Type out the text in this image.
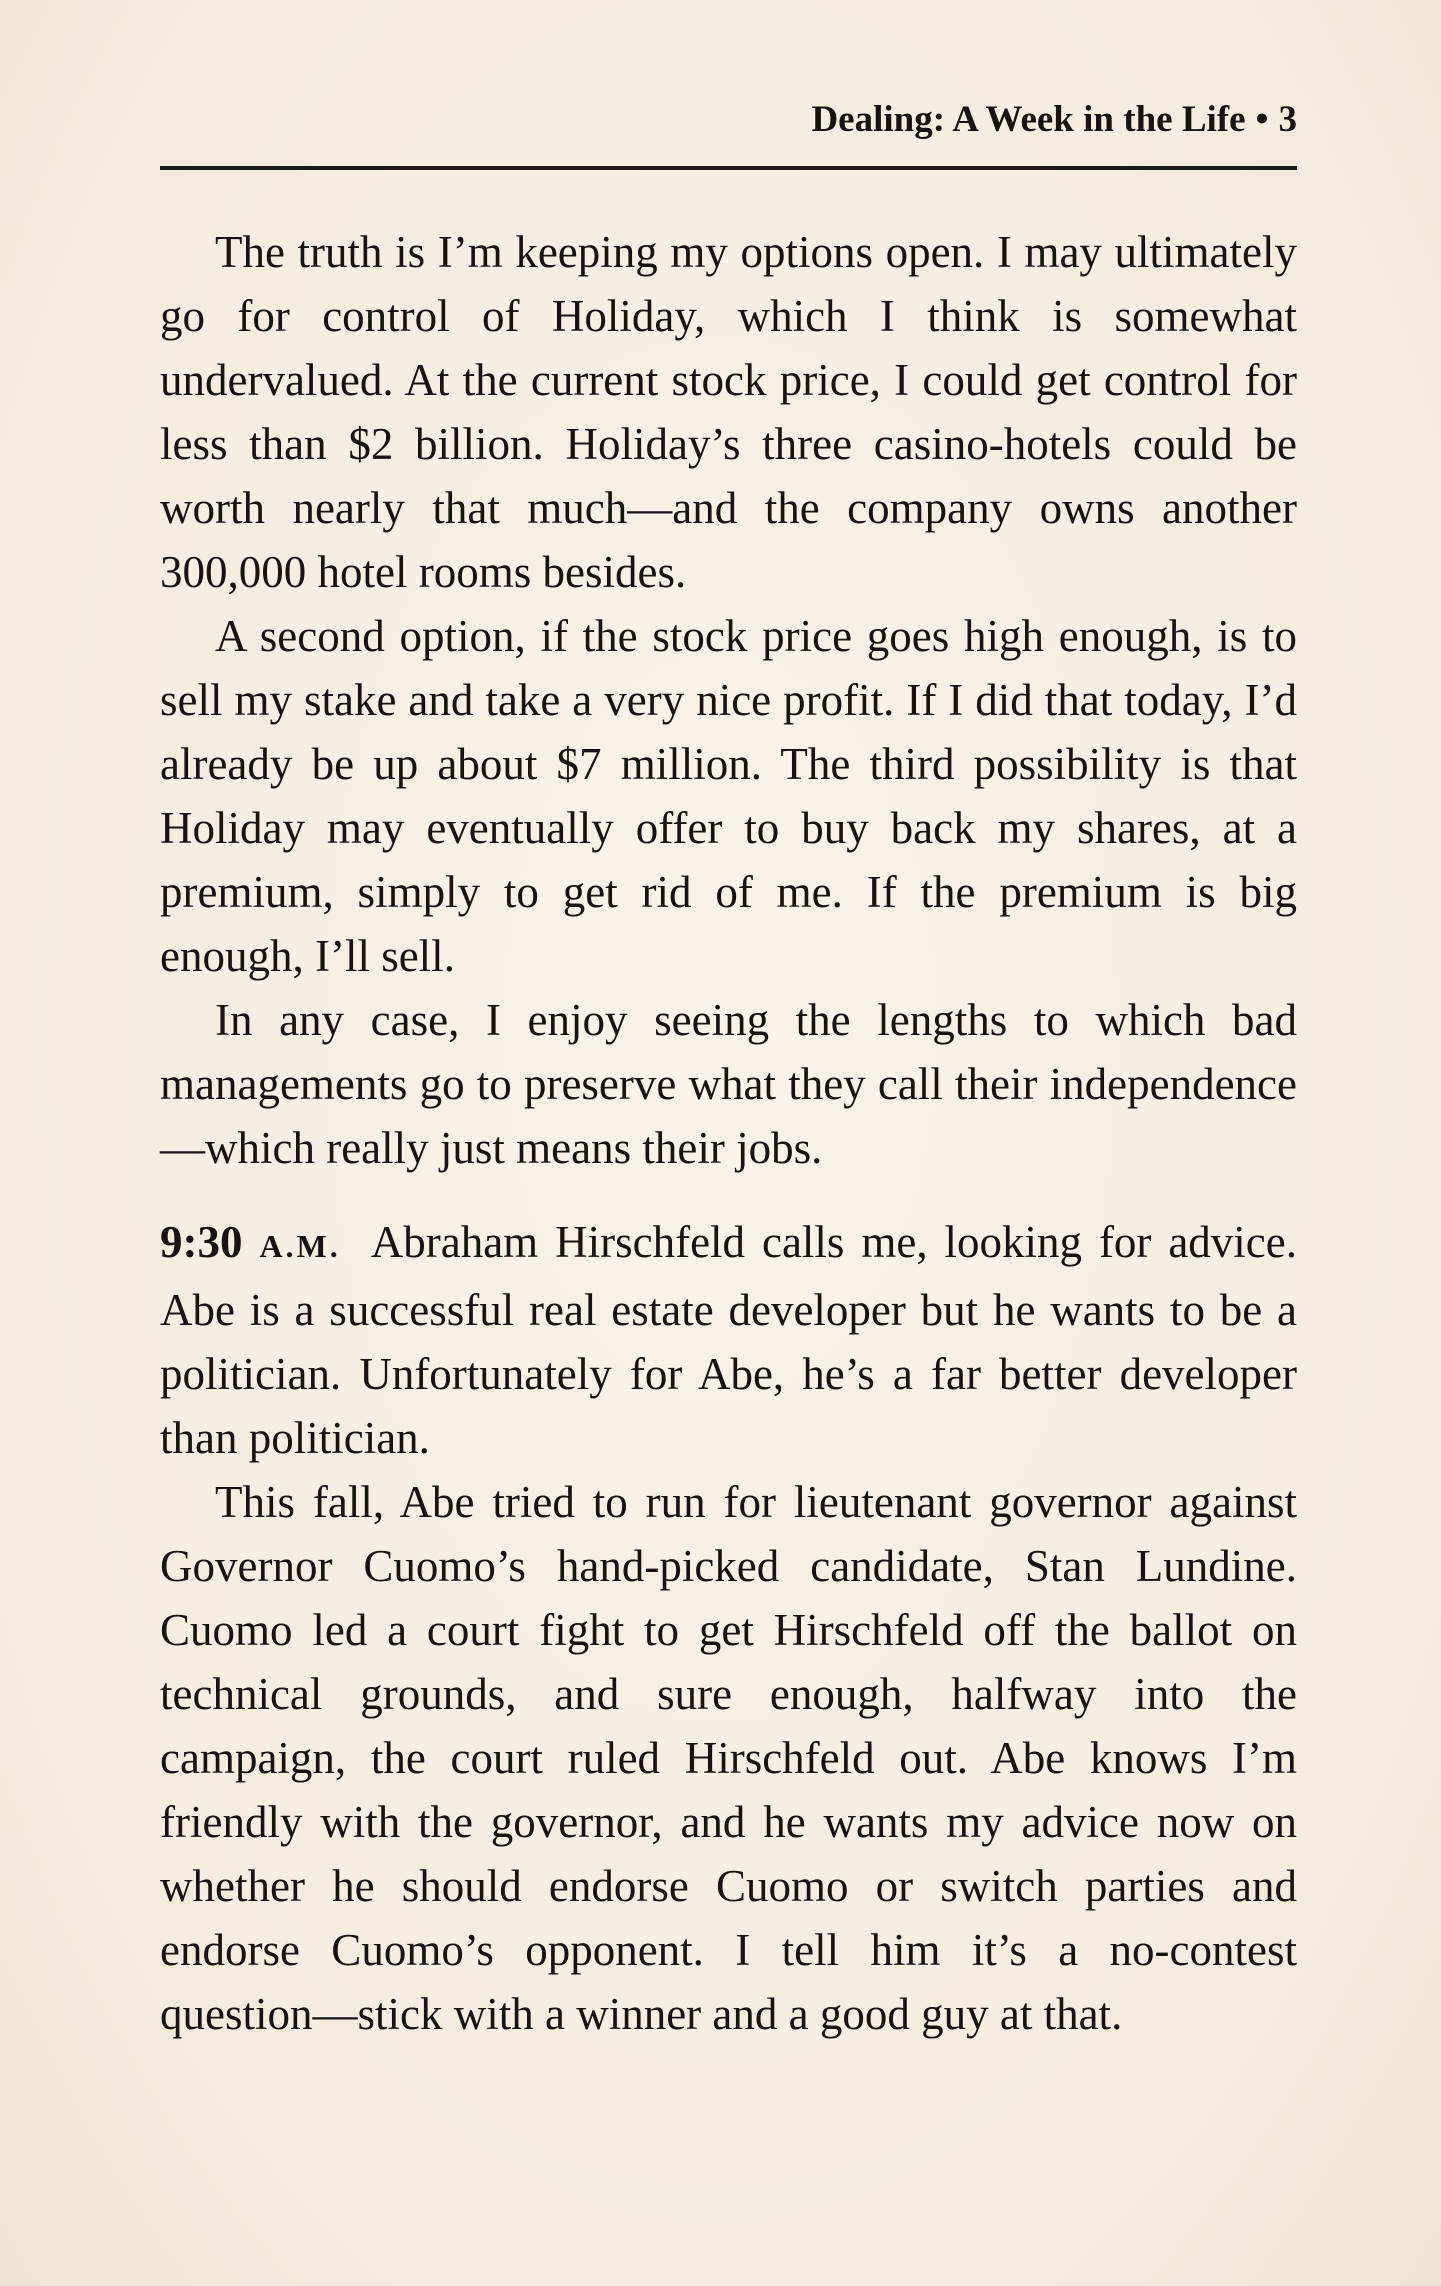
Dealing: A Week in the Life • 3

The truth is I’m keeping my options open. I may ultimately go for control of Holiday, which I think is somewhat undervalued. At the current stock price, I could get control for less than $2 billion. Holiday’s three casino-hotels could be worth nearly that much—and the company owns another 300,000 hotel rooms besides.

A second option, if the stock price goes high enough, is to sell my stake and take a very nice profit. If I did that today, I’d already be up about $7 million. The third possibility is that Holiday may eventually offer to buy back my shares, at a premium, simply to get rid of me. If the premium is big enough, I’ll sell.

In any case, I enjoy seeing the lengths to which bad managements go to preserve what they call their independence—which really just means their jobs.

9:30 A.M. Abraham Hirschfeld calls me, looking for advice. Abe is a successful real estate developer but he wants to be a politician. Unfortunately for Abe, he’s a far better developer than politician.

This fall, Abe tried to run for lieutenant governor against Governor Cuomo’s hand-picked candidate, Stan Lundine. Cuomo led a court fight to get Hirschfeld off the ballot on technical grounds, and sure enough, halfway into the campaign, the court ruled Hirschfeld out. Abe knows I’m friendly with the governor, and he wants my advice now on whether he should endorse Cuomo or switch parties and endorse Cuomo’s opponent. I tell him it’s a no-contest question—stick with a winner and a good guy at that.
